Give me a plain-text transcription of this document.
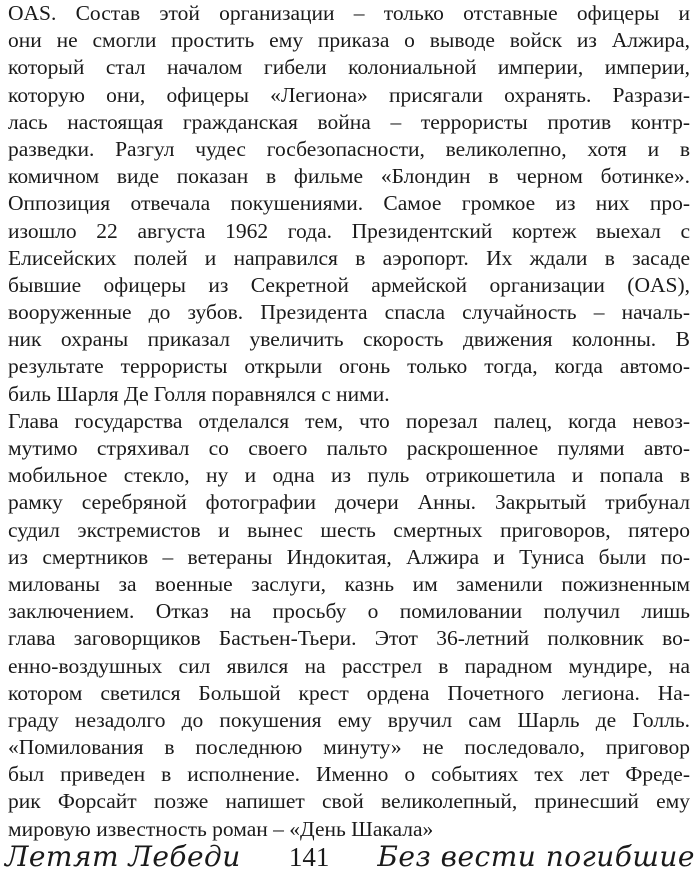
OAS. Состав этой организации – только отставные офицеры и
они не смогли простить ему приказа о выводе войск из Алжира,
который стал началом гибели колониальной империи, империи,
которую они, офицеры «Легиона» присягали охранять. Разрази-
лась настоящая гражданская война – террористы против контр-
разведки. Разгул чудес госбезопасности, великолепно, хотя и в
комичном виде показан в фильме «Блондин в черном ботинке».
Оппозиция отвечала покушениями. Самое громкое из них про-
изошло 22 августа 1962 года. Президентский кортеж выехал с
Елисейских полей и направился в аэропорт. Их ждали в засаде
бывшие офицеры из Секретной армейской организации (OAS),
вооруженные до зубов. Президента спасла случайность – началь-
ник охраны приказал увеличить скорость движения колонны. В
результате террористы открыли огонь только тогда, когда автомо-
биль Шарля Де Голля поравнялся с ними.
Глава государства отделался тем, что порезал палец, когда невоз-
мутимо стряхивал со своего пальто раскрошенное пулями авто-
мобильное стекло, ну и одна из пуль отрикошетила и попала в
рамку серебряной фотографии дочери Анны. Закрытый трибунал
судил экстремистов и вынес шесть смертных приговоров, пятеро
из смертников – ветераны Индокитая, Алжира и Туниса были по-
милованы за военные заслуги, казнь им заменили пожизненным
заключением. Отказ на просьбу о помиловании получил лишь
глава заговорщиков Бастьен-Тьери. Этот 36-летний полковник во-
енно-воздушных сил явился на расстрел в парадном мундире, на
котором светился Большой крест ордена Почетного легиона. На-
граду незадолго до покушения ему вручил сам Шарль де Голль.
«Помилования в последнюю минуту» не последовало, приговор
был приведен в исполнение. Именно о событиях тех лет Фреде-
рик Форсайт позже напишет свой великолепный, принесший ему
мировую известность роман – «День Шакала»
Летят Лебеди 141 Без вести погибшие
